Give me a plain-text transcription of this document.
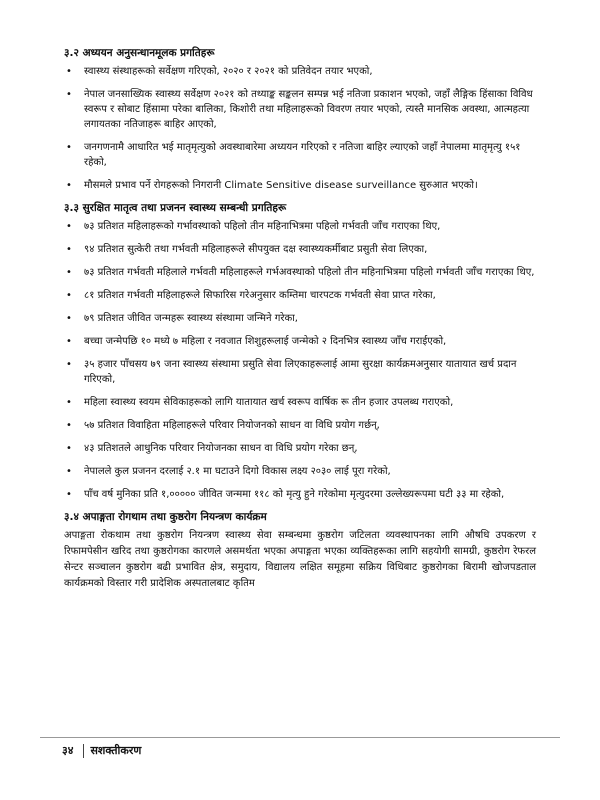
३.२ अध्ययन अनुसन्धानमूलक प्रगतिहरू
• स्वास्थ्य संस्थाहरूको सर्वेक्षण गरिएको, २०२० र २०२१ को प्रतिवेदन तयार भएको,
• नेपाल जनसाख्यिक स्वास्थ्य सर्वेक्षण २०२१ को तथ्याङ्क सङ्कलन सम्पन्न भई नतिजा प्रकाशन भएको, जहाँ लैङ्गिक हिंसाका विविध स्वरूप र सोबाट हिंसामा परेका बालिका, किशोरी तथा महिलाहरूको विवरण तयार भएको, त्यस्तै मानसिक अवस्था, आत्महत्या लगायतका नतिजाहरू बाहिर आएको,
• जनगणनामै आधारित भई मातृमृत्युको अवस्थाबारेमा अध्ययन गरिएको र नतिजा बाहिर ल्याएको जहाँ नेपालमा मातृमृत्यु १५१ रहेको,
• मौसमले प्रभाव पर्ने रोगहरूको निगरानी Climate Sensitive disease surveillance सुरुआत भएको।
३.३ सुरक्षित मातृत्व तथा प्रजनन स्वास्थ्य सम्बन्धी प्रगतिहरू
• ७३ प्रतिशत महिलाहरूको गर्भावस्थाको पहिलो तीन महिनाभित्रमा पहिलो गर्भवती जाँच गराएका थिए,
• ९४ प्रतिशत सुत्केरी तथा गर्भवती महिलाहरूले सीपयुक्त दक्ष स्वास्थ्यकर्मीबाट प्रसुती सेवा लिएका,
• ७३ प्रतिशत गर्भवती महिलाले गर्भवती महिलाहरूले गर्भअवस्थाको पहिलो तीन महिनाभित्रमा पहिलो गर्भवती जाँच गराएका थिए,
• ८१ प्रतिशत गर्भवती महिलाहरूले सिफारिस गरेअनुसार कम्तिमा चारपटक गर्भवती सेवा प्राप्त गरेका,
• ७९ प्रतिशत जीवित जन्महरू स्वास्थ्य संस्थामा जन्मिने गरेका,
• बच्चा जन्मेपछि १० मध्ये ७ महिला र नवजात शिशुहरूलाई जन्मेको २ दिनभित्र स्वास्थ्य जाँच गराईएको,
• ३५ हजार पाँचसय ७९ जना स्वास्थ्य संस्थामा प्रसुति सेवा लिएकाहरूलाई आमा सुरक्षा कार्यक्रमअनुसार यातायात खर्च प्रदान गरिएको,
• महिला स्वास्थ्य स्वयम सेविकाहरूको लागि यातायात खर्च स्वरूप वार्षिक रू तीन हजार उपलब्ध गराएको,
• ५७ प्रतिशत विवाहिता महिलाहरूले परिवार नियोजनको साधन वा विधि प्रयोग गर्छन्,
• ४३ प्रतिशतले आधुनिक परिवार नियोजनका साधन वा विधि प्रयोग गरेका छन्,
• नेपालले कुल प्रजनन दरलाई २.१ मा घटाउने दिगो विकास लक्ष्य २०३० लाई पूरा गरेको,
• पाँच वर्ष मुनिका प्रति १,००००० जीवित जन्ममा ११८ को मृत्यु हुने गरेकोमा मृत्युदरमा उल्लेख्यरूपमा घटी ३३ मा रहेको,
३.४ अपाङ्गता रोगथाम तथा कुष्ठरोग नियन्त्रण कार्यक्रम

अपाङ्गता रोकथाम तथा कुष्ठरोग नियन्त्रण स्वास्थ्य सेवा सम्बन्धमा कुष्ठरोग जटिलता व्यवस्थापनका लागि औषधि उपकरण र रिफामपेसीन खरिद तथा कुष्ठरोगका कारणले असमर्थता भएका अपाङ्गता भएका व्यक्तिहरूका लागि सहयोगी सामग्री, कुष्ठरोग रेफरल सेन्टर सञ्चालन कुष्ठरोग बढी प्रभावित क्षेत्र, समुदाय, विद्यालय लक्षित समूहमा सक्रिय विधिबाट कुष्ठरोगका बिरामी खोजपडताल कार्यक्रमको विस्तार गरी प्रादेशिक अस्पतालबाट कृतिम

३४ सशक्तीकरण
